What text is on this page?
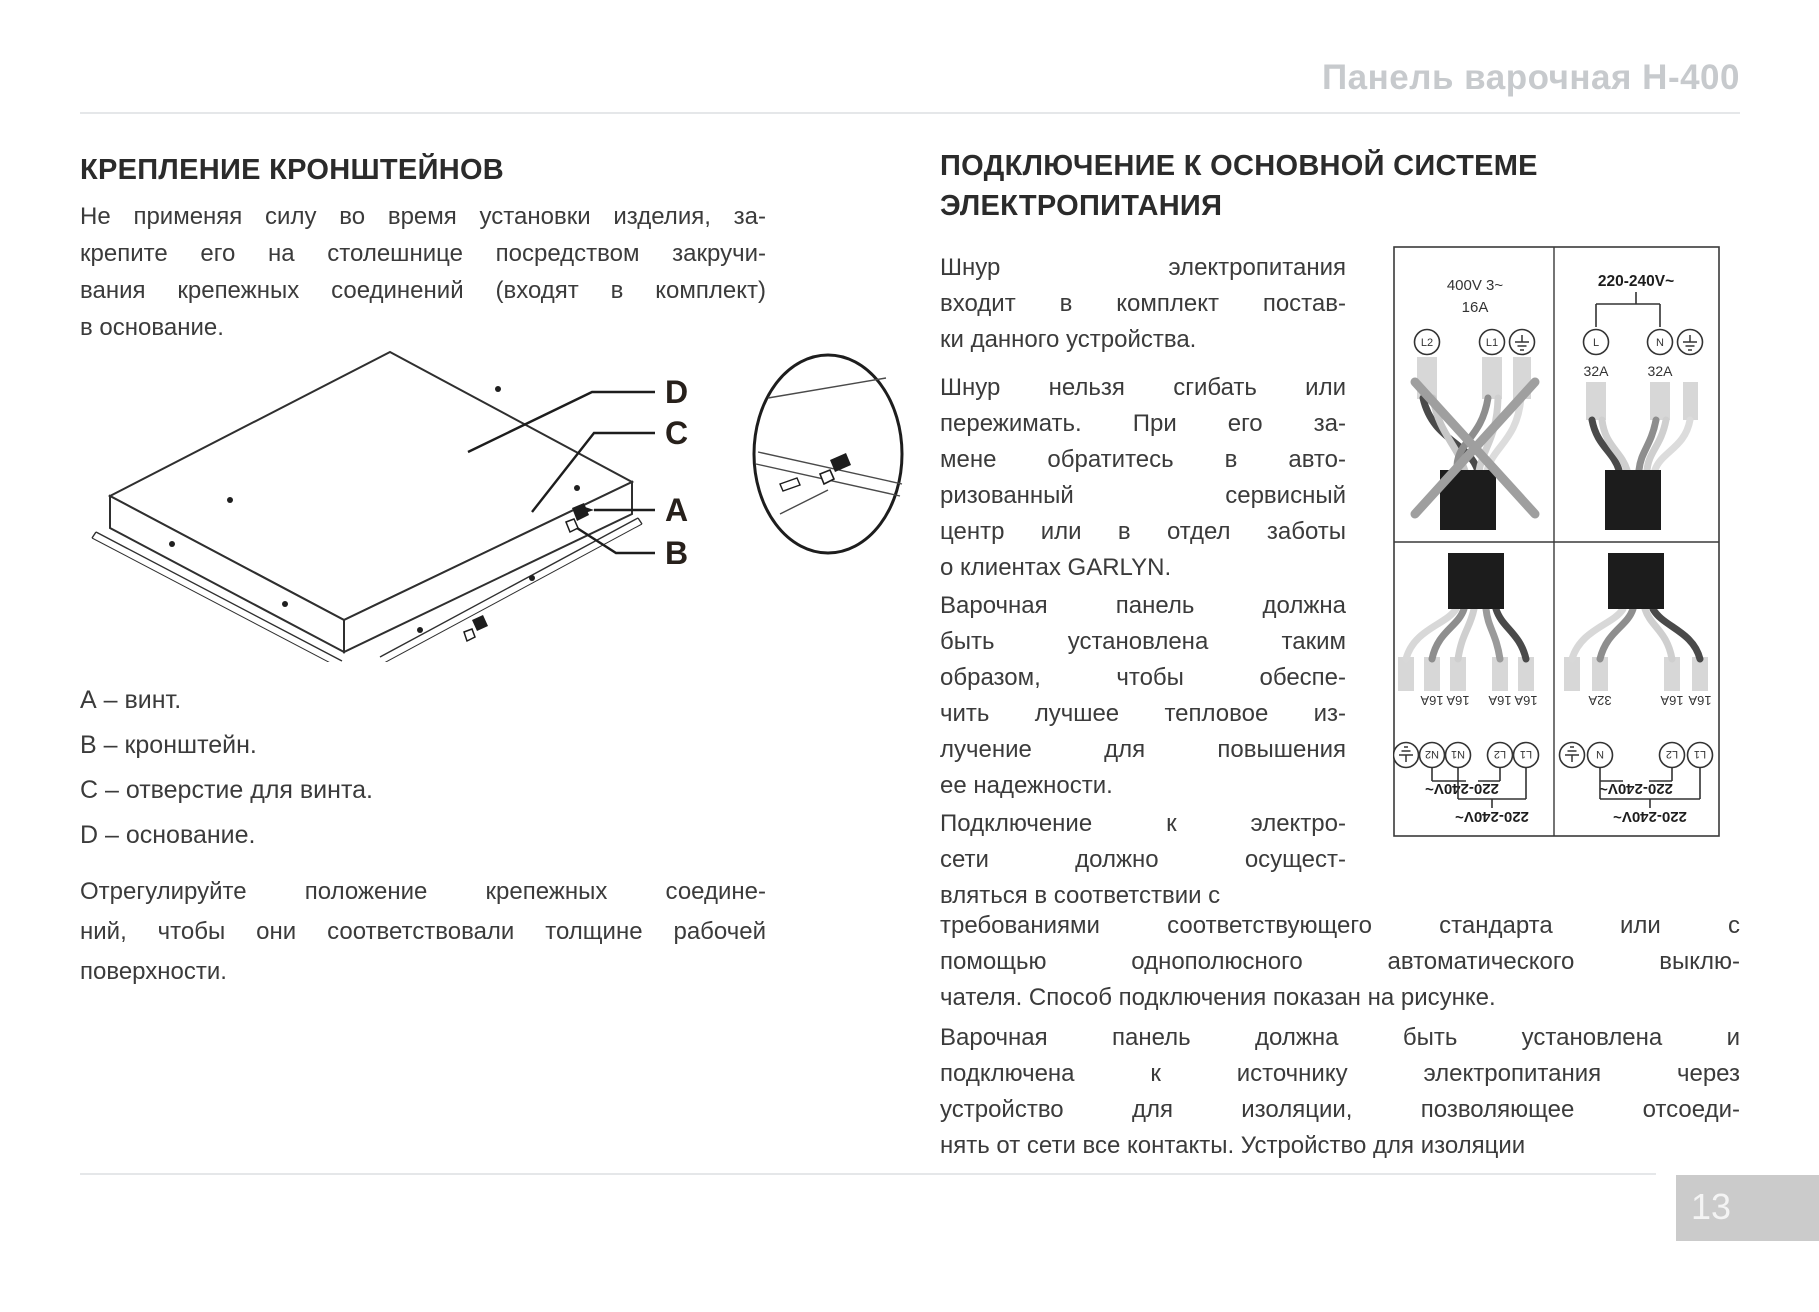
Панель варочная Н-400
КРЕПЛЕНИЕ КРОНШТЕЙНОВ
Не применяя силу во время установки изделия, за-
крепите его на столешнице посредством закручи-
вания крепежных соединений (входят в комплект)
в основание.
D
C
A
B
А – винт.
В – кронштейн.
С – отверстие для винта.
D – основание.
Отрегулируйте положение крепежных соедине-
ний, чтобы они соответствовали толщине рабочей
поверхности.
ПОДКЛЮЧЕНИЕ К ОСНОВНОЙ СИСТЕМЕ ЭЛЕКТРОПИТАНИЯ
Шнур электропитания
входит в комплект постав-
ки данного устройства.
Шнур нельзя сгибать или
пережимать. При его за-
мене обратитесь в авто-
ризованный сервисный
центр или в отдел заботы
о клиентах GARLYN.
Варочная панель должна
быть установлена таким
образом, чтобы обеспе-
чить лучшее тепловое из-
лучение для повышения
ее надежности.
Подключение к электро-
сети должно осущест-
вляться в соответствии с
требованиями соответствующего стандарта или с
помощью однополюсного автоматического выклю-
чателя. Способ подключения показан на рисунке.
Варочная панель должна быть установлена и
подключена к источнику электропитания через
устройство для изоляции, позволяющее отсоеди-
нять от сети все контакты. Устройство для изоляции
400V 3~
16A
L2	L1
220-240V~
L	N
32A	32A
220-240V~
220-240V~
L1
L2
N1
N2
16A
16A
16A
16A
220-240V~
220-240V~
L1
L2
N
16A
16A
32A
13
